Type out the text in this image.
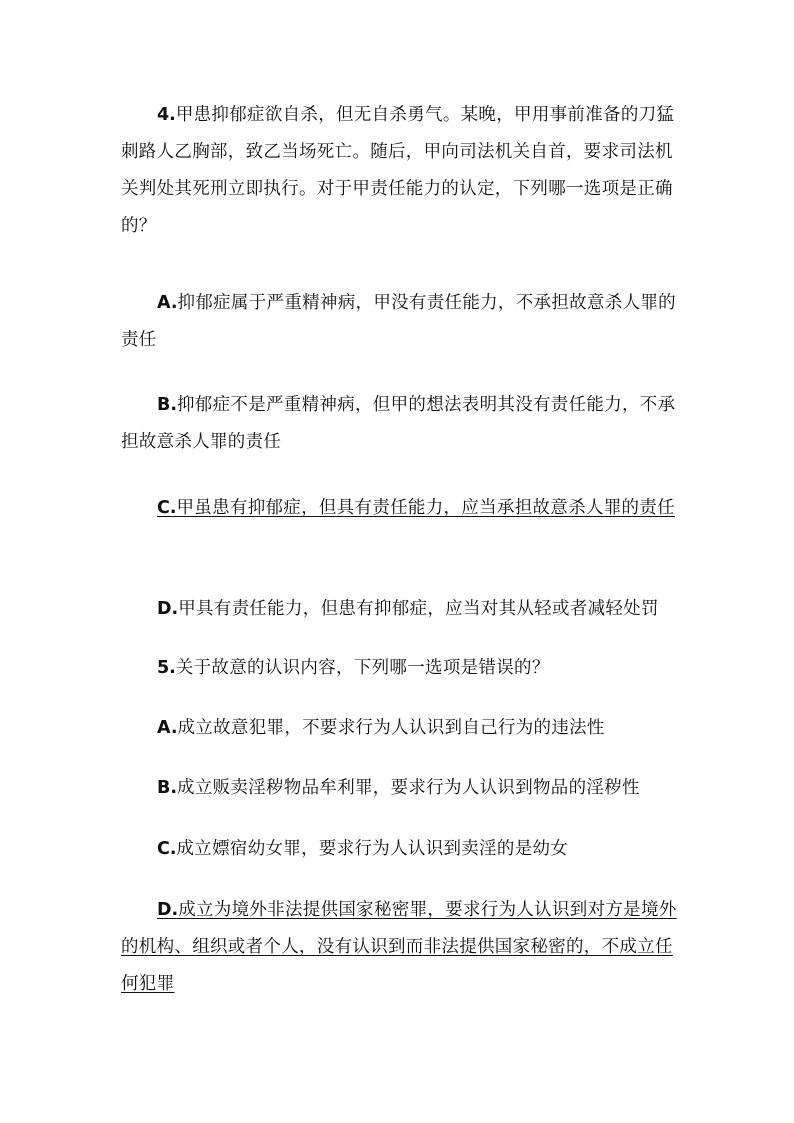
4.甲患抑郁症欲自杀，但无自杀勇气。某晚，甲用事前准备的刀猛刺路人乙胸部，致乙当场死亡。随后，甲向司法机关自首，要求司法机关判处其死刑立即执行。对于甲责任能力的认定，下列哪一选项是正确的？

A.抑郁症属于严重精神病，甲没有责任能力，不承担故意杀人罪的责任

B.抑郁症不是严重精神病，但甲的想法表明其没有责任能力，不承担故意杀人罪的责任

C.甲虽患有抑郁症，但具有责任能力，应当承担故意杀人罪的责任

D.甲具有责任能力，但患有抑郁症，应当对其从轻或者减轻处罚

5.关于故意的认识内容，下列哪一选项是错误的？

A.成立故意犯罪，不要求行为人认识到自己行为的违法性

B.成立贩卖淫秽物品牟利罪，要求行为人认识到物品的淫秽性

C.成立嫖宿幼女罪，要求行为人认识到卖淫的是幼女

D.成立为境外非法提供国家秘密罪，要求行为人认识到对方是境外的机构、组织或者个人，没有认识到而非法提供国家秘密的，不成立任何犯罪
